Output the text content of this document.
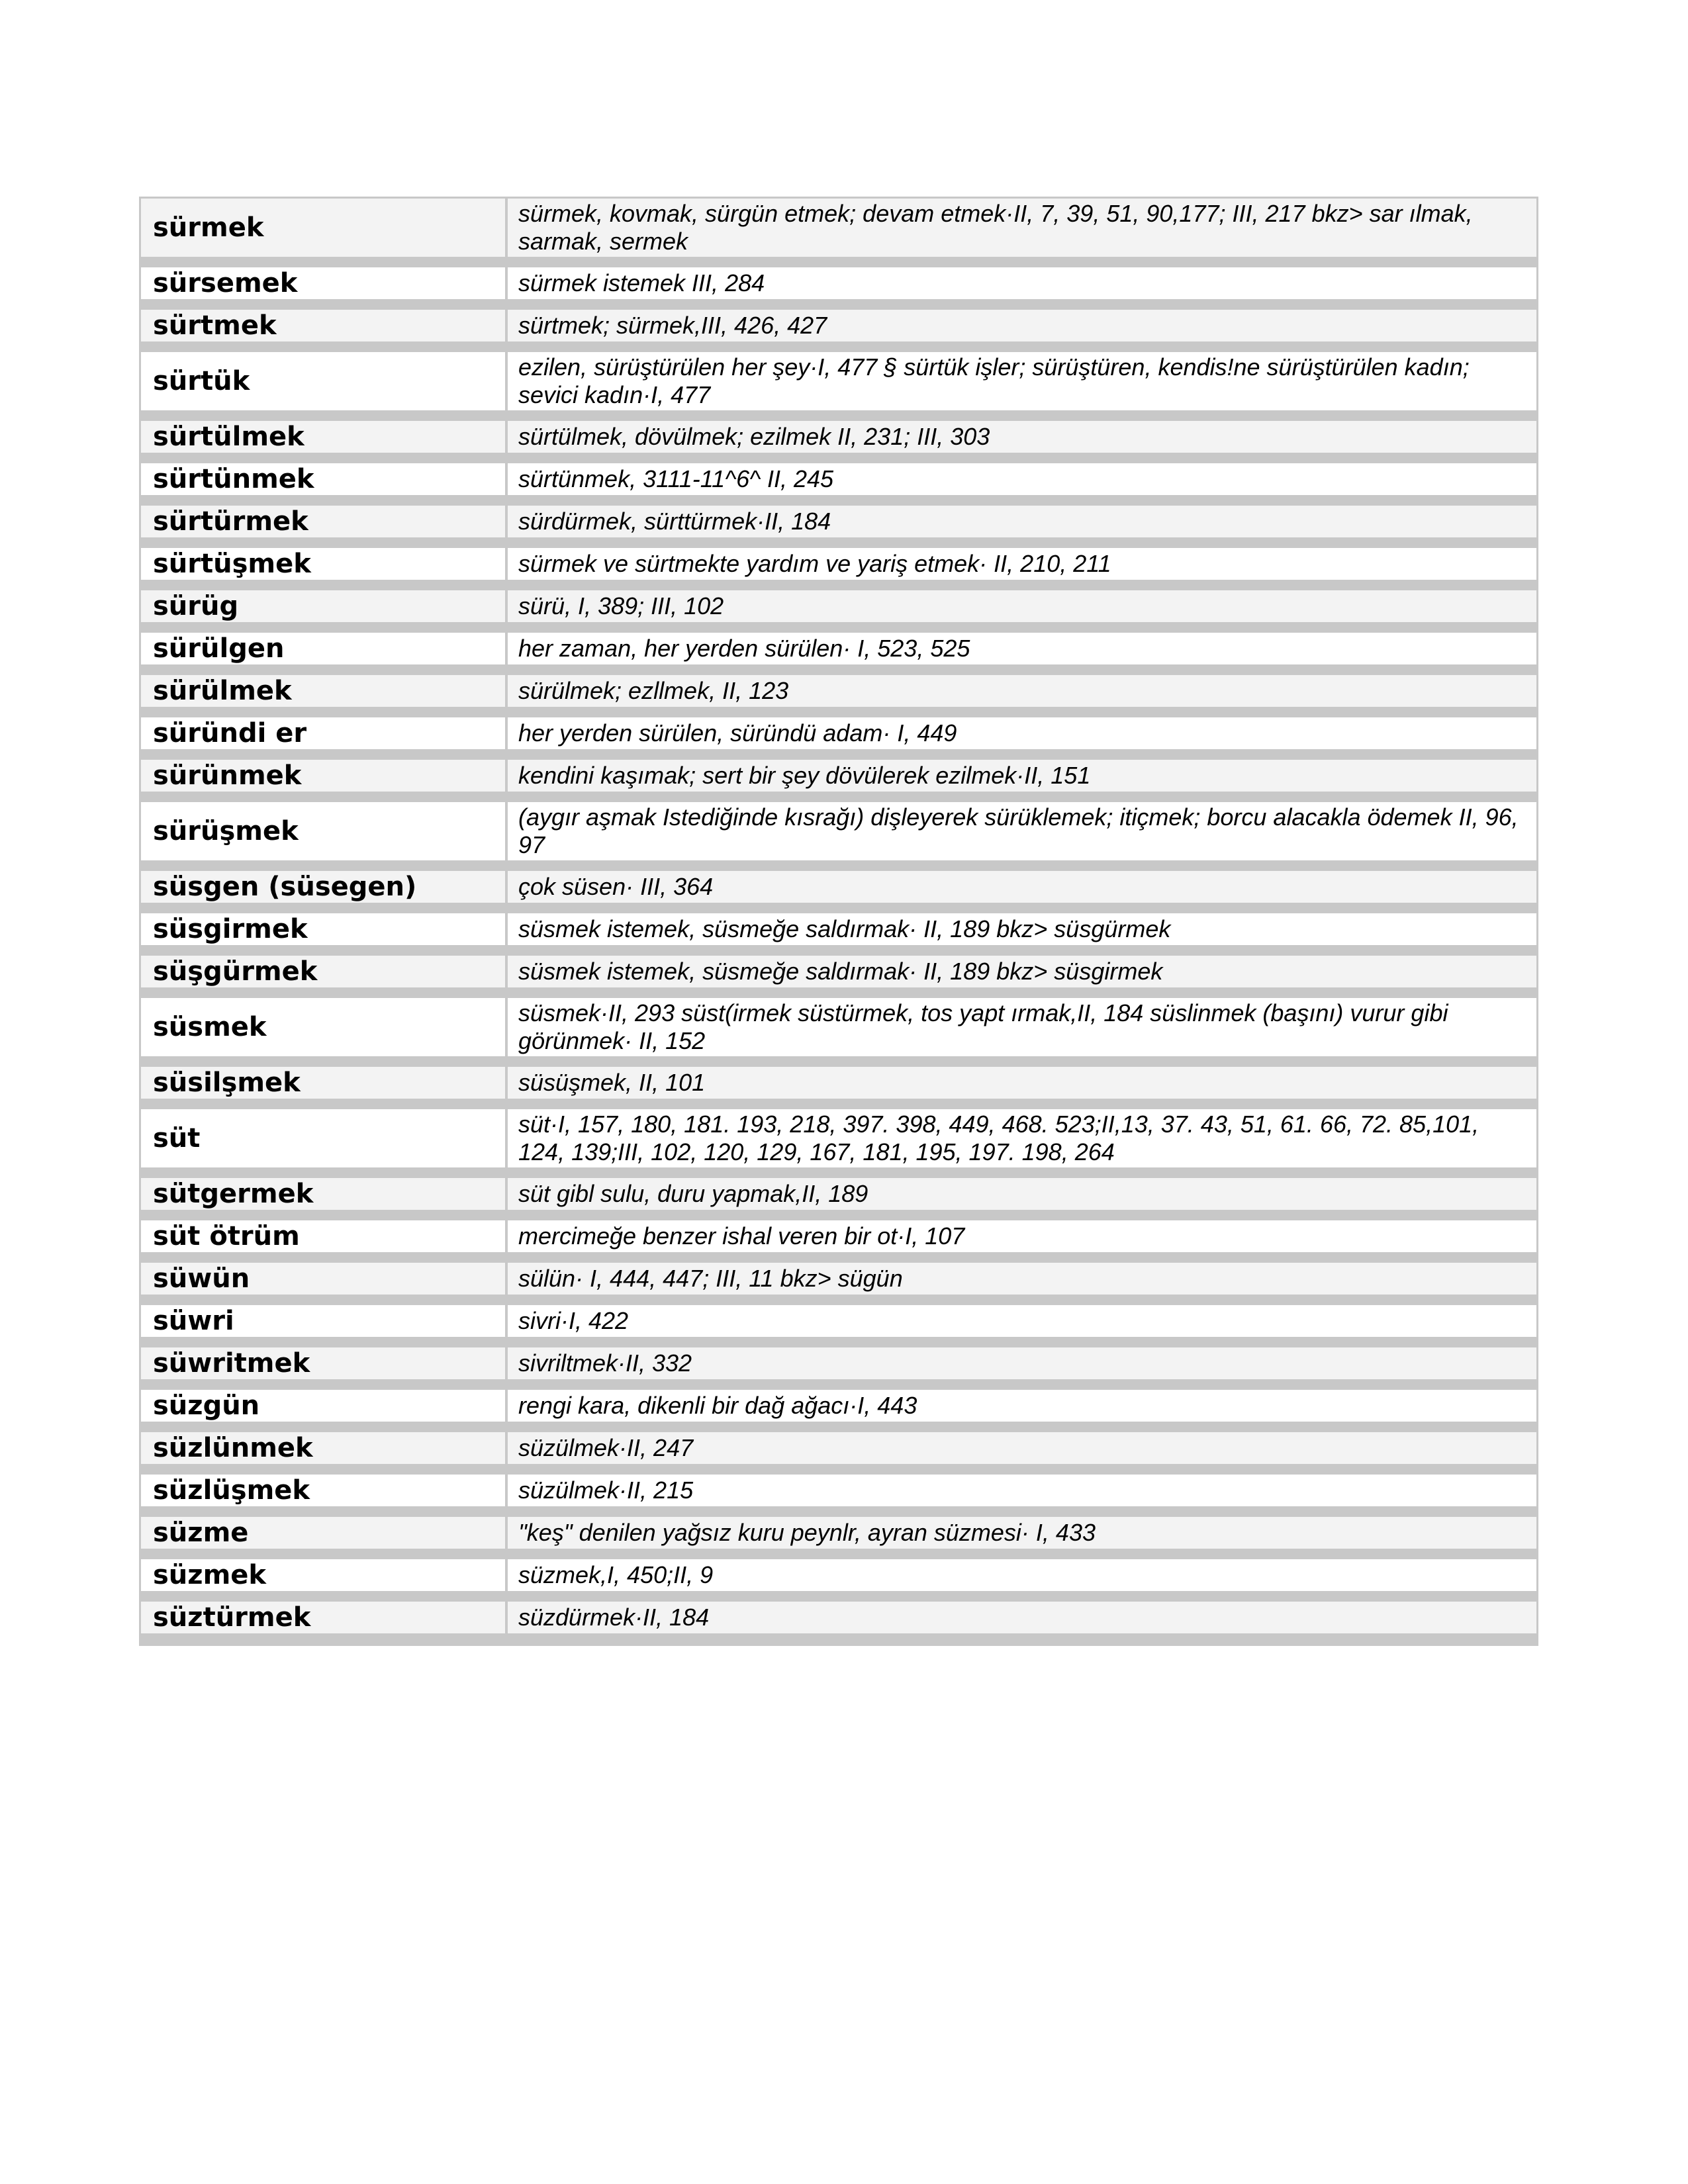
sürmek	sürmek, kovmak, sürgün etmek; devam etmek·II, 7, 39, 51, 90,177; III, 217 bkz> sar ılmak, sarmak, sermek
sürsemek	sürmek istemek III, 284
sürtmek	sürtmek; sürmek,III, 426, 427
sürtük	ezilen, sürüştürülen her şey·I, 477 § sürtük işler; sürüştüren, kendis!ne sürüştürülen kadın; sevici kadın·I, 477
sürtülmek	sürtülmek, dövülmek; ezilmek II, 231; III, 303
sürtünmek	sürtünmek, 3111-11^6^ II, 245
sürtürmek	sürdürmek, sürttürmek·II, 184
sürtüşmek	sürmek ve sürtmekte yardım ve yariş etmek· II, 210, 211
sürüg	sürü, I, 389; III, 102
sürülgen	her zaman, her yerden sürülen· I, 523, 525
sürülmek	sürülmek; ezllmek, II, 123
süründi er	her yerden sürülen, süründü adam· I, 449
sürünmek	kendini kaşımak; sert bir şey dövülerek ezilmek·II, 151
sürüşmek	(aygır aşmak Istediğinde kısrağı) dişleyerek sürüklemek; itiçmek; borcu alacakla ödemek II, 96, 97
süsgen (süsegen)	çok süsen· III, 364
süsgirmek	süsmek istemek, süsmeğe saldırmak· II, 189 bkz> süsgürmek
süşgürmek	süsmek istemek, süsmeğe saldırmak· II, 189 bkz> süsgirmek
süsmek	süsmek·II, 293 süst(irmek süstürmek, tos yapt ırmak,II, 184 süslinmek (başını) vurur gibi görünmek· II, 152
süsilşmek	süsüşmek, II, 101
süt	süt·I, 157, 180, 181. 193, 218, 397. 398, 449, 468. 523;II,13, 37. 43, 51, 61. 66, 72. 85,101, 124, 139;III, 102, 120, 129, 167, 181, 195, 197. 198, 264
sütgermek	süt gibl sulu, duru yapmak,II, 189
süt ötrüm	mercimeğe benzer ishal veren bir ot·I, 107
süwün	sülün· I, 444, 447; III, 11 bkz> sügün
süwri	sivri·I, 422
süwritmek	sivriltmek·II, 332
süzgün	rengi kara, dikenli bir dağ ağacı·I, 443
süzlünmek	süzülmek·II, 247
süzlüşmek	süzülmek·II, 215
süzme	"keş" denilen yağsız kuru peynlr, ayran süzmesi· I, 433
süzmek	süzmek,I, 450;II, 9
süztürmek	süzdürmek·II, 184
